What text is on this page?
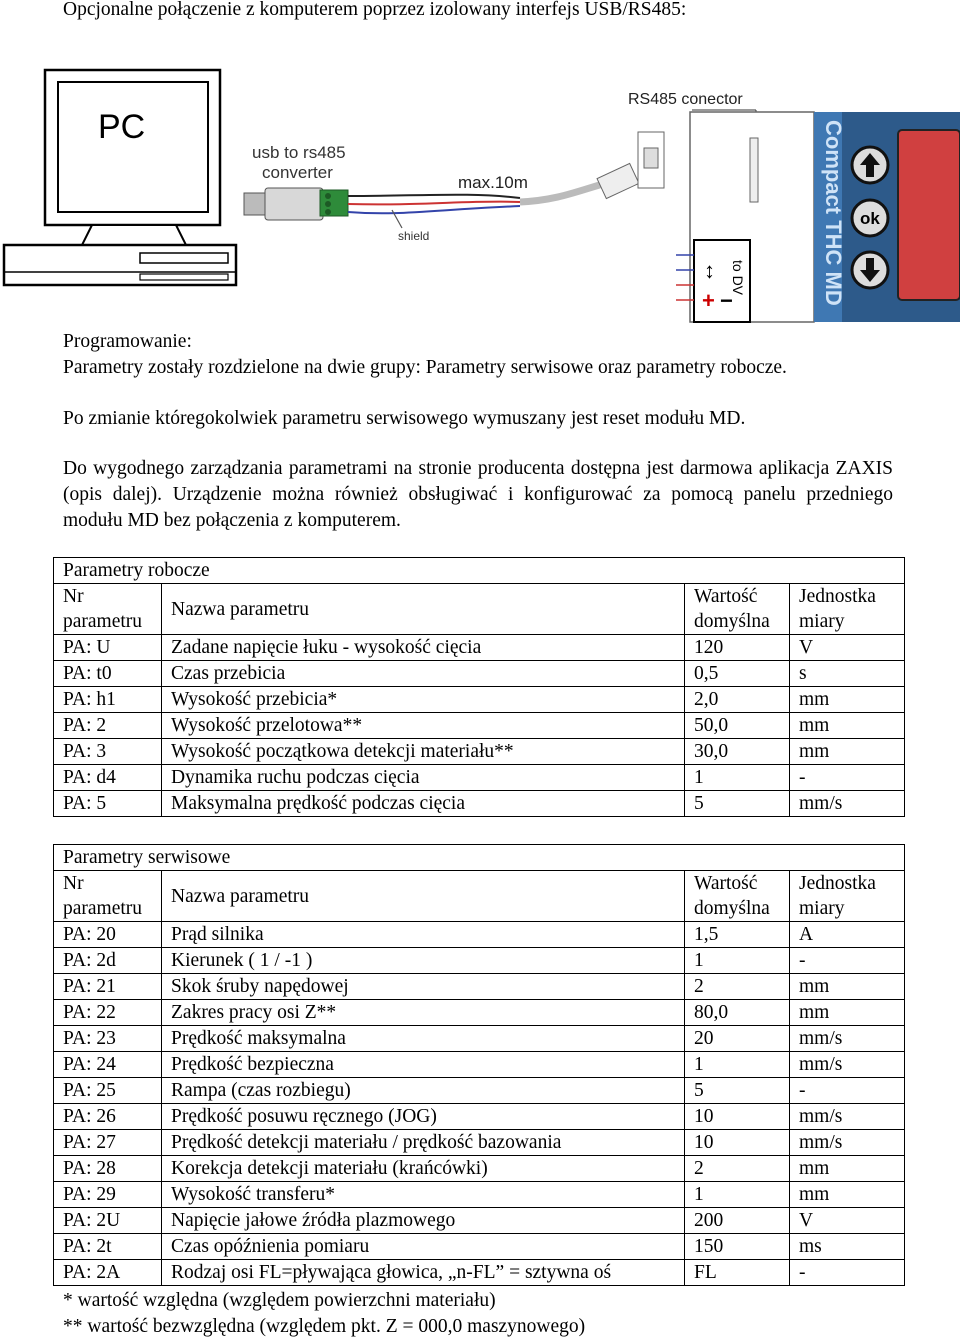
Opcjonalne połączenie z komputerem poprzez izolowany interfejs USB/RS485:
PC
usb to rs485
converter
shield
max.10m
RS485 conector
to DV
↕
+ −	Compact THC MD ok
Programowanie:
Parametry zostały rozdzielone na dwie grupy: Parametry serwisowe oraz parametry robocze.
Po zmianie któregokolwiek parametru serwisowego wymuszany jest reset modułu MD.
Do wygodnego zarządzania parametrami na stronie producenta dostępna jest darmowa aplikacja ZAXIS (opis dalej). Urządzenie można również obsługiwać i konfigurować za pomocą panelu przedniego modułu MD bez połączenia z komputerem.
Parametry robocze			
Nr parametru	Nazwa parametru	Wartość domyślna	Jednostka miary
PA: U	Zadane napięcie łuku - wysokość cięcia	120	V
PA: t0	Czas przebicia	0,5	s
PA: h1	Wysokość przebicia*	2,0	mm
PA: 2	Wysokość przelotowa**	50,0	mm
PA: 3	Wysokość początkowa detekcji materiału**	30,0	mm
PA: d4	Dynamika ruchu podczas cięcia	1	-
PA: 5	Maksymalna prędkość podczas cięcia	5	mm/s
Parametry serwisowe			
Nr parametru	Nazwa parametru	Wartość domyślna	Jednostka miary
PA: 20	Prąd silnika	1,5	A
PA: 2d	Kierunek ( 1 / -1 )	1	-
PA: 21	Skok śruby napędowej	2	mm
PA: 22	Zakres pracy osi Z**	80,0	mm
PA: 23	Prędkość maksymalna	20	mm/s
PA: 24	Prędkość bezpieczna	1	mm/s
PA: 25	Rampa (czas rozbiegu)	5	-
PA: 26	Prędkość posuwu ręcznego (JOG)	10	mm/s
PA: 27	Prędkość detekcji materiału / prędkość bazowania	10	mm/s
PA: 28	Korekcja detekcji materiału (krańcówki)	2	mm
PA: 29	Wysokość transferu*	1	mm
PA: 2U	Napięcie jałowe źródła plazmowego	200	V
PA: 2t	Czas opóźnienia pomiaru	150	ms
PA: 2A	Rodzaj osi FL=pływająca głowica, „n-FL” = sztywna oś	FL	-
* wartość względna (względem powierzchni materiału)
** wartość bezwzględna (względem pkt. Z = 000,0 maszynowego)
